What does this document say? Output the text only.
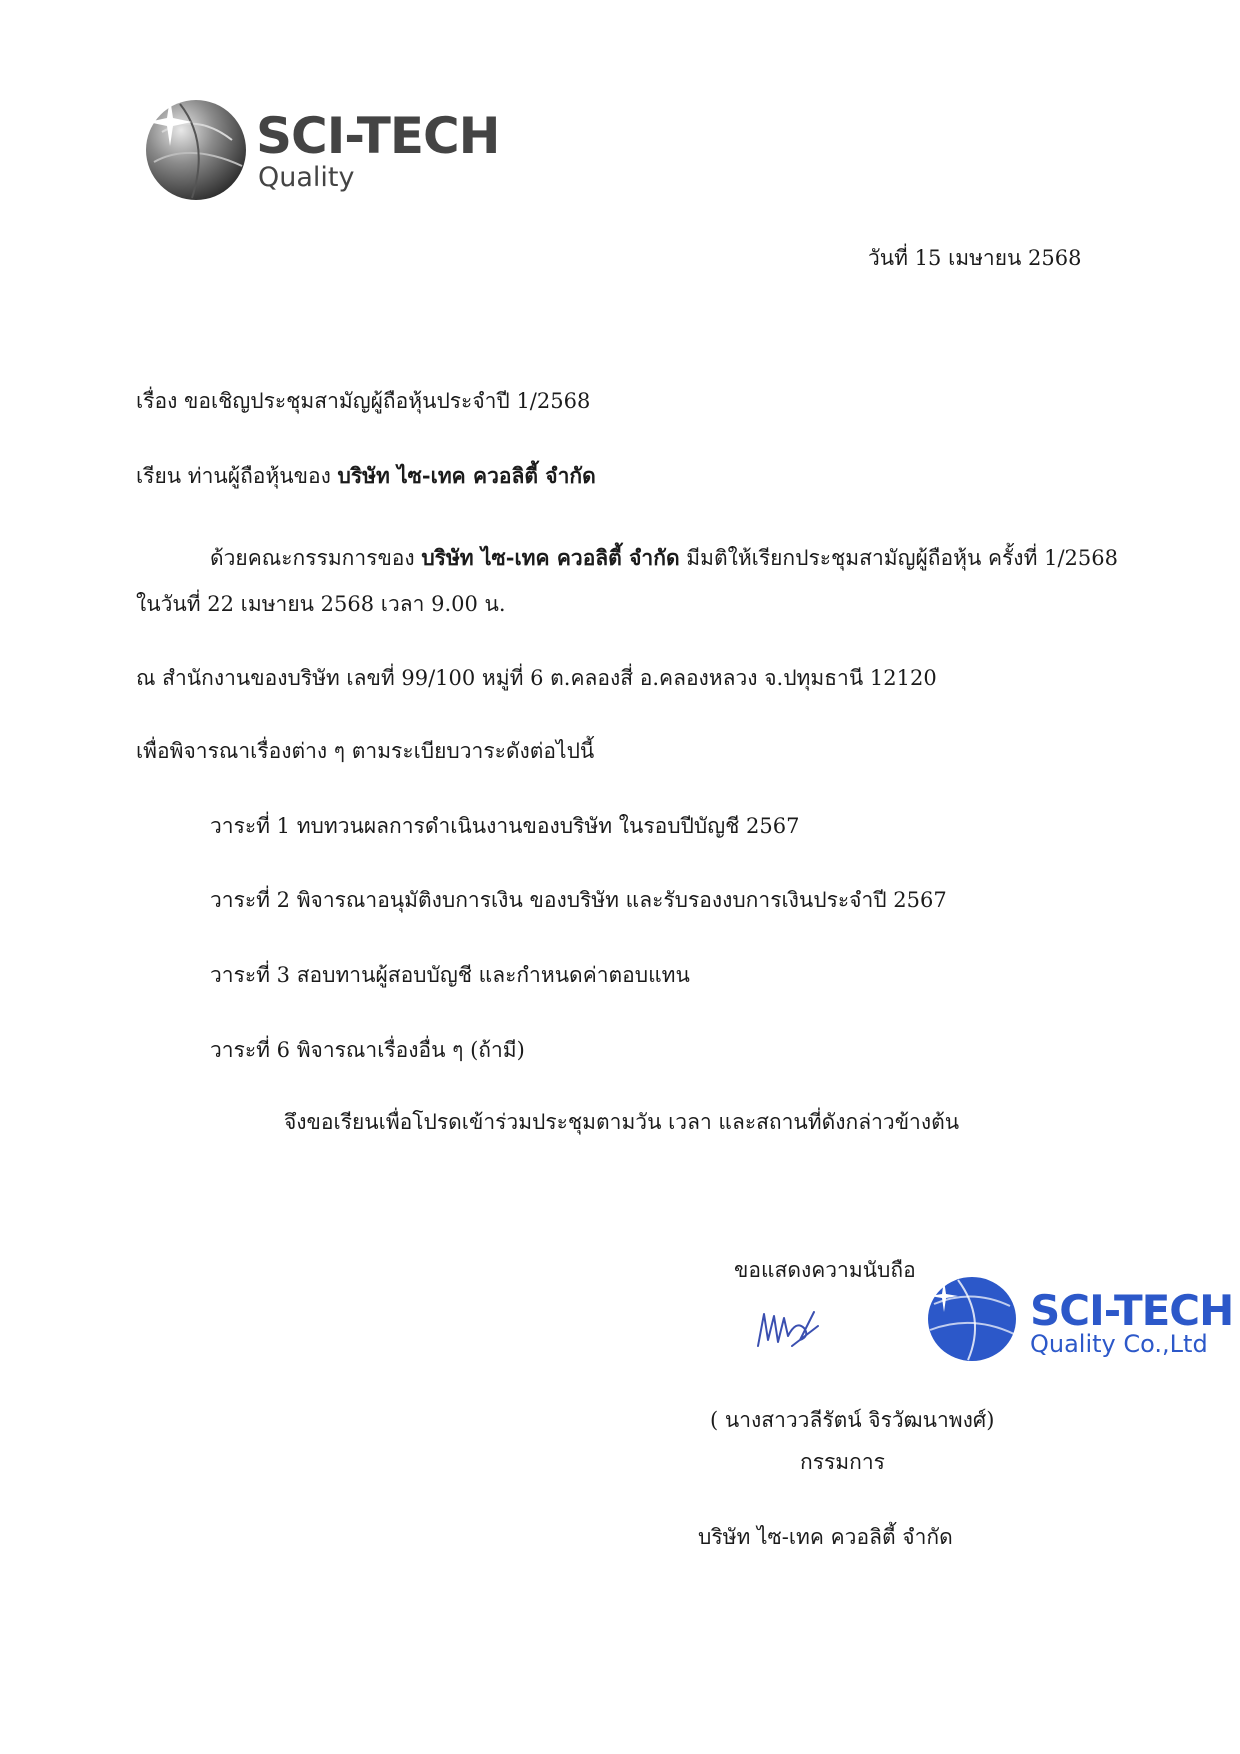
SCI-TECH
Quality
วันที่ 15 เมษายน 2568
เรื่อง ขอเชิญประชุมสามัญผู้ถือหุ้นประจำปี 1/2568
เรียน ท่านผู้ถือหุ้นของ บริษัท ไซ-เทค ควอลิตี้ จำกัด
ด้วยคณะกรรมการของ บริษัท ไซ-เทค ควอลิตี้ จำกัด มีมติให้เรียกประชุมสามัญผู้ถือหุ้น ครั้งที่ 1/2568
ในวันที่ 22 เมษายน 2568 เวลา 9.00 น.
ณ สำนักงานของบริษัท เลขที่ 99/100 หมู่ที่ 6 ต.คลองสี่ อ.คลองหลวง จ.ปทุมธานี 12120
เพื่อพิจารณาเรื่องต่าง ๆ ตามระเบียบวาระดังต่อไปนี้
วาระที่ 1 ทบทวนผลการดำเนินงานของบริษัท ในรอบปีบัญชี 2567
วาระที่ 2 พิจารณาอนุมัติงบการเงิน ของบริษัท และรับรองงบการเงินประจำปี 2567
วาระที่ 3 สอบทานผู้สอบบัญชี และกำหนดค่าตอบแทน
วาระที่ 6 พิจารณาเรื่องอื่น ๆ (ถ้ามี)
จึงขอเรียนเพื่อโปรดเข้าร่วมประชุมตามวัน เวลา และสถานที่ดังกล่าวข้างต้น
ขอแสดงความนับถือ
SCI-TECH
Quality Co.,Ltd
( นางสาววลีรัตน์ จิรวัฒนาพงศ์)
กรรมการ
บริษัท ไซ-เทค ควอลิตี้ จำกัด
